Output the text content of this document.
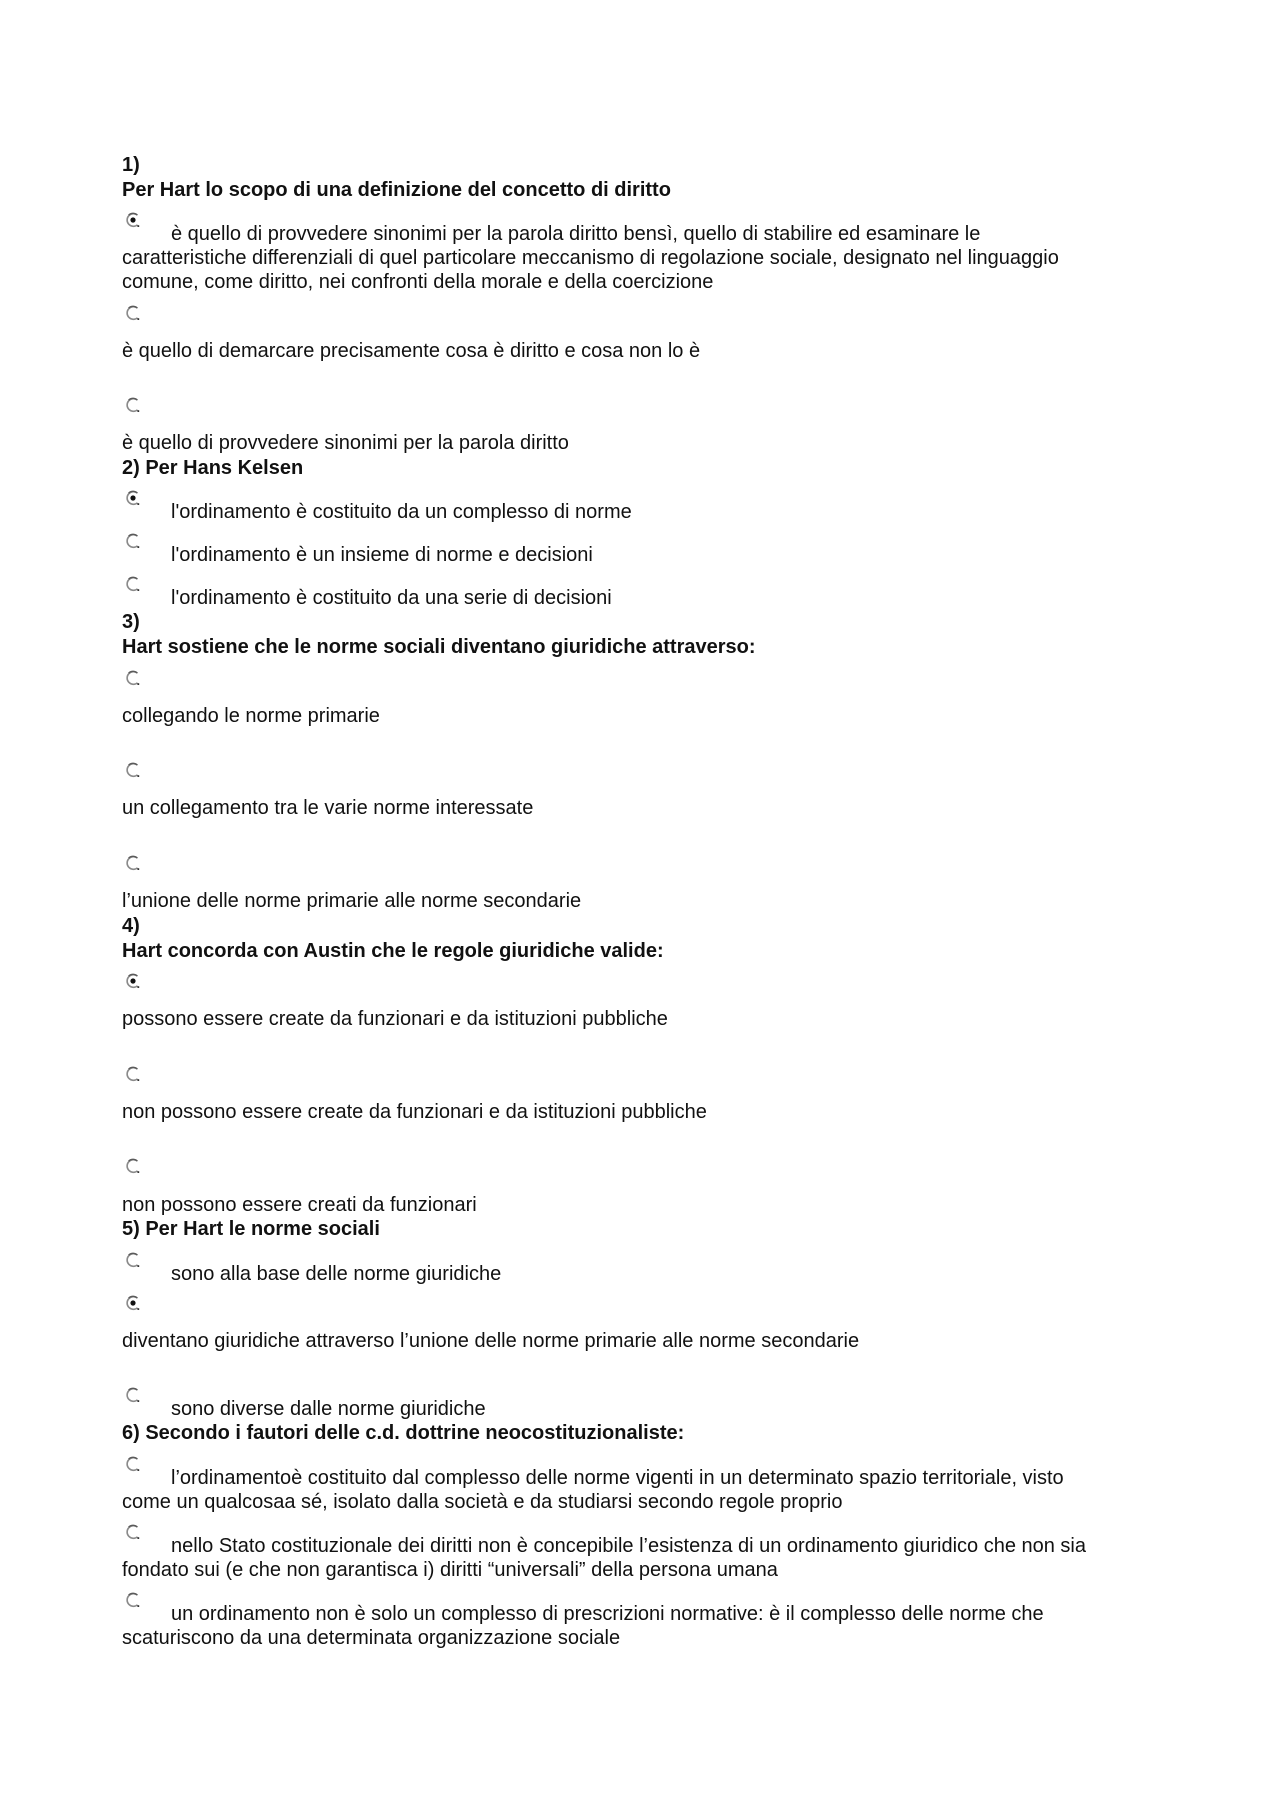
1)
Per Hart lo scopo di una definizione del concetto di diritto
è quello di provvedere sinonimi per la parola diritto bensì, quello di stabilire ed esaminare le
caratteristiche differenziali di quel particolare meccanismo di regolazione sociale, designato nel linguaggio
comune, come diritto, nei confronti della morale e della coercizione
è quello di demarcare precisamente cosa è diritto e cosa non lo è
è quello di provvedere sinonimi per la parola diritto
2) Per Hans Kelsen
l'ordinamento è costituito da un complesso di norme
l'ordinamento è un insieme di norme e decisioni
l'ordinamento è costituito da una serie di decisioni
3)
Hart sostiene che le norme sociali diventano giuridiche attraverso:
collegando le norme primarie
un collegamento tra le varie norme interessate
l’unione delle norme primarie alle norme secondarie
4)
Hart concorda con Austin che le regole giuridiche valide:
possono essere create da funzionari e da istituzioni pubbliche
non possono essere create da funzionari e da istituzioni pubbliche
non possono essere creati da funzionari
5) Per Hart le norme sociali
sono alla base delle norme giuridiche
diventano giuridiche attraverso l’unione delle norme primarie alle norme secondarie
sono diverse dalle norme giuridiche
6) Secondo i fautori delle c.d. dottrine neocostituzionaliste:
l’ordinamentoè costituito dal complesso delle norme vigenti in un determinato spazio territoriale, visto
come un qualcosaa sé, isolato dalla società e da studiarsi secondo regole proprio
nello Stato costituzionale dei diritti non è concepibile l’esistenza di un ordinamento giuridico che non sia
fondato sui (e che non garantisca i) diritti “universali” della persona umana
un ordinamento non è solo un complesso di prescrizioni normative: è il complesso delle norme che
scaturiscono da una determinata organizzazione sociale
